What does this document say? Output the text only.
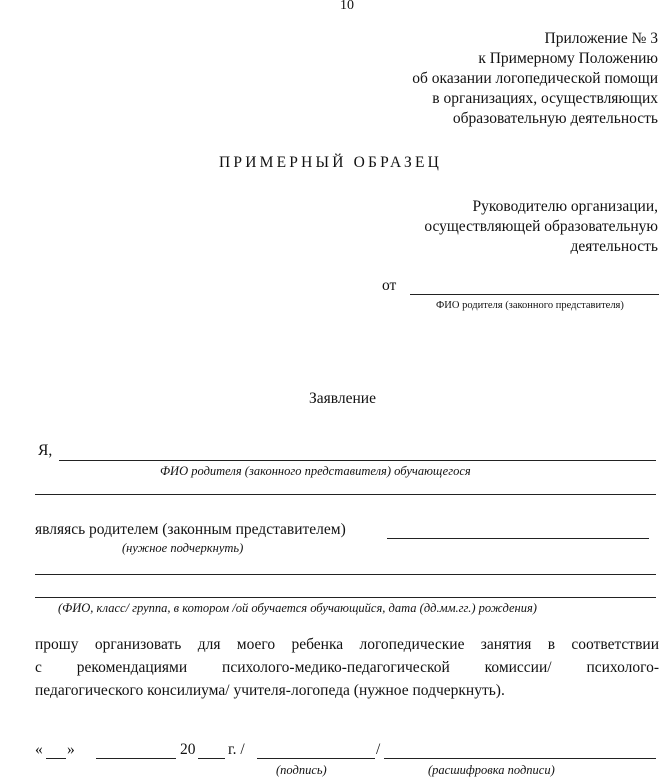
10
Приложение № 3
к Примерному Положению
об оказании логопедической помощи
в организациях, осуществляющих
образовательную деятельность
ПРИМЕРНЫЙ ОБРАЗЕЦ
Руководителю организации,
осуществляющей образовательную
деятельность
от
ФИО родителя (законного представителя)
Заявление
Я,
ФИО родителя (законного представителя) обучающегося
являясь родителем (законным представителем)
(нужное подчеркнуть)
(ФИО, класс/ группа, в котором /ой обучается обучающийся, дата (дд.мм.гг.) рождения)
прошу организовать для моего ребенка логопедические занятия в соответствии
с рекомендациями психолого-медико-педагогической комиссии/ психолого-
педагогического консилиума/ учителя-логопеда (нужное подчеркнуть).
« »	20 г. /	/
(подпись)	(расшифровка подписи)
